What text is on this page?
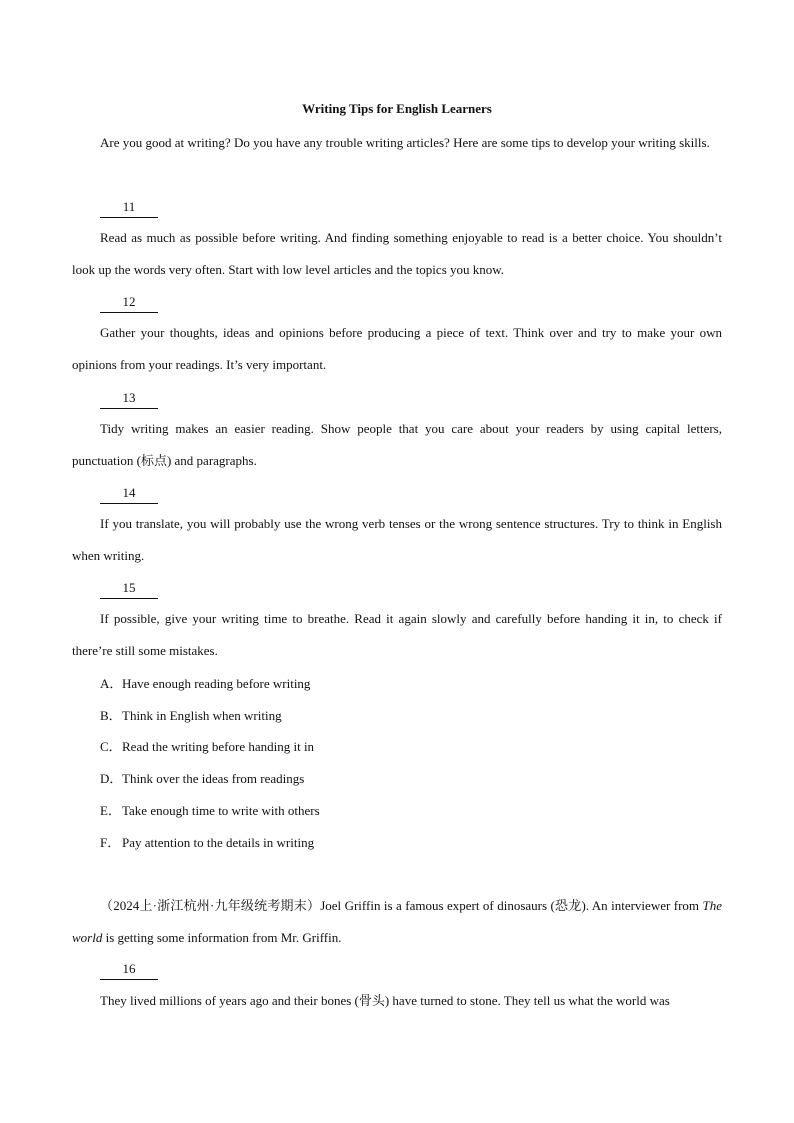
Writing Tips for English Learners
Are you good at writing? Do you have any trouble writing articles? Here are some tips to develop your writing skills.
11
Read as much as possible before writing. And finding something enjoyable to read is a better choice. You shouldn’t look up the words very often. Start with low level articles and the topics you know.
12
Gather your thoughts, ideas and opinions before producing a piece of text. Think over and try to make your own opinions from your readings. It’s very important.
13
Tidy writing makes an easier reading. Show people that you care about your readers by using capital letters, punctuation (标点) and paragraphs.
14
If you translate, you will probably use the wrong verb tenses or the wrong sentence structures. Try to think in English when writing.
15
If possible, give your writing time to breathe. Read it again slowly and carefully before handing it in, to check if there’re still some mistakes.
A．Have enough reading before writing
B．Think in English when writing
C．Read the writing before handing it in
D．Think over the ideas from readings
E．Take enough time to write with others
F． Pay attention to the details in writing
（2024上·浙江杭州·九年级统考期末）Joel Griffin is a famous expert of dinosaurs (恐龙). An interviewer from The world is getting some information from Mr. Griffin.
16
They lived millions of years ago and their bones (骨头) have turned to stone. They tell us what the world was
